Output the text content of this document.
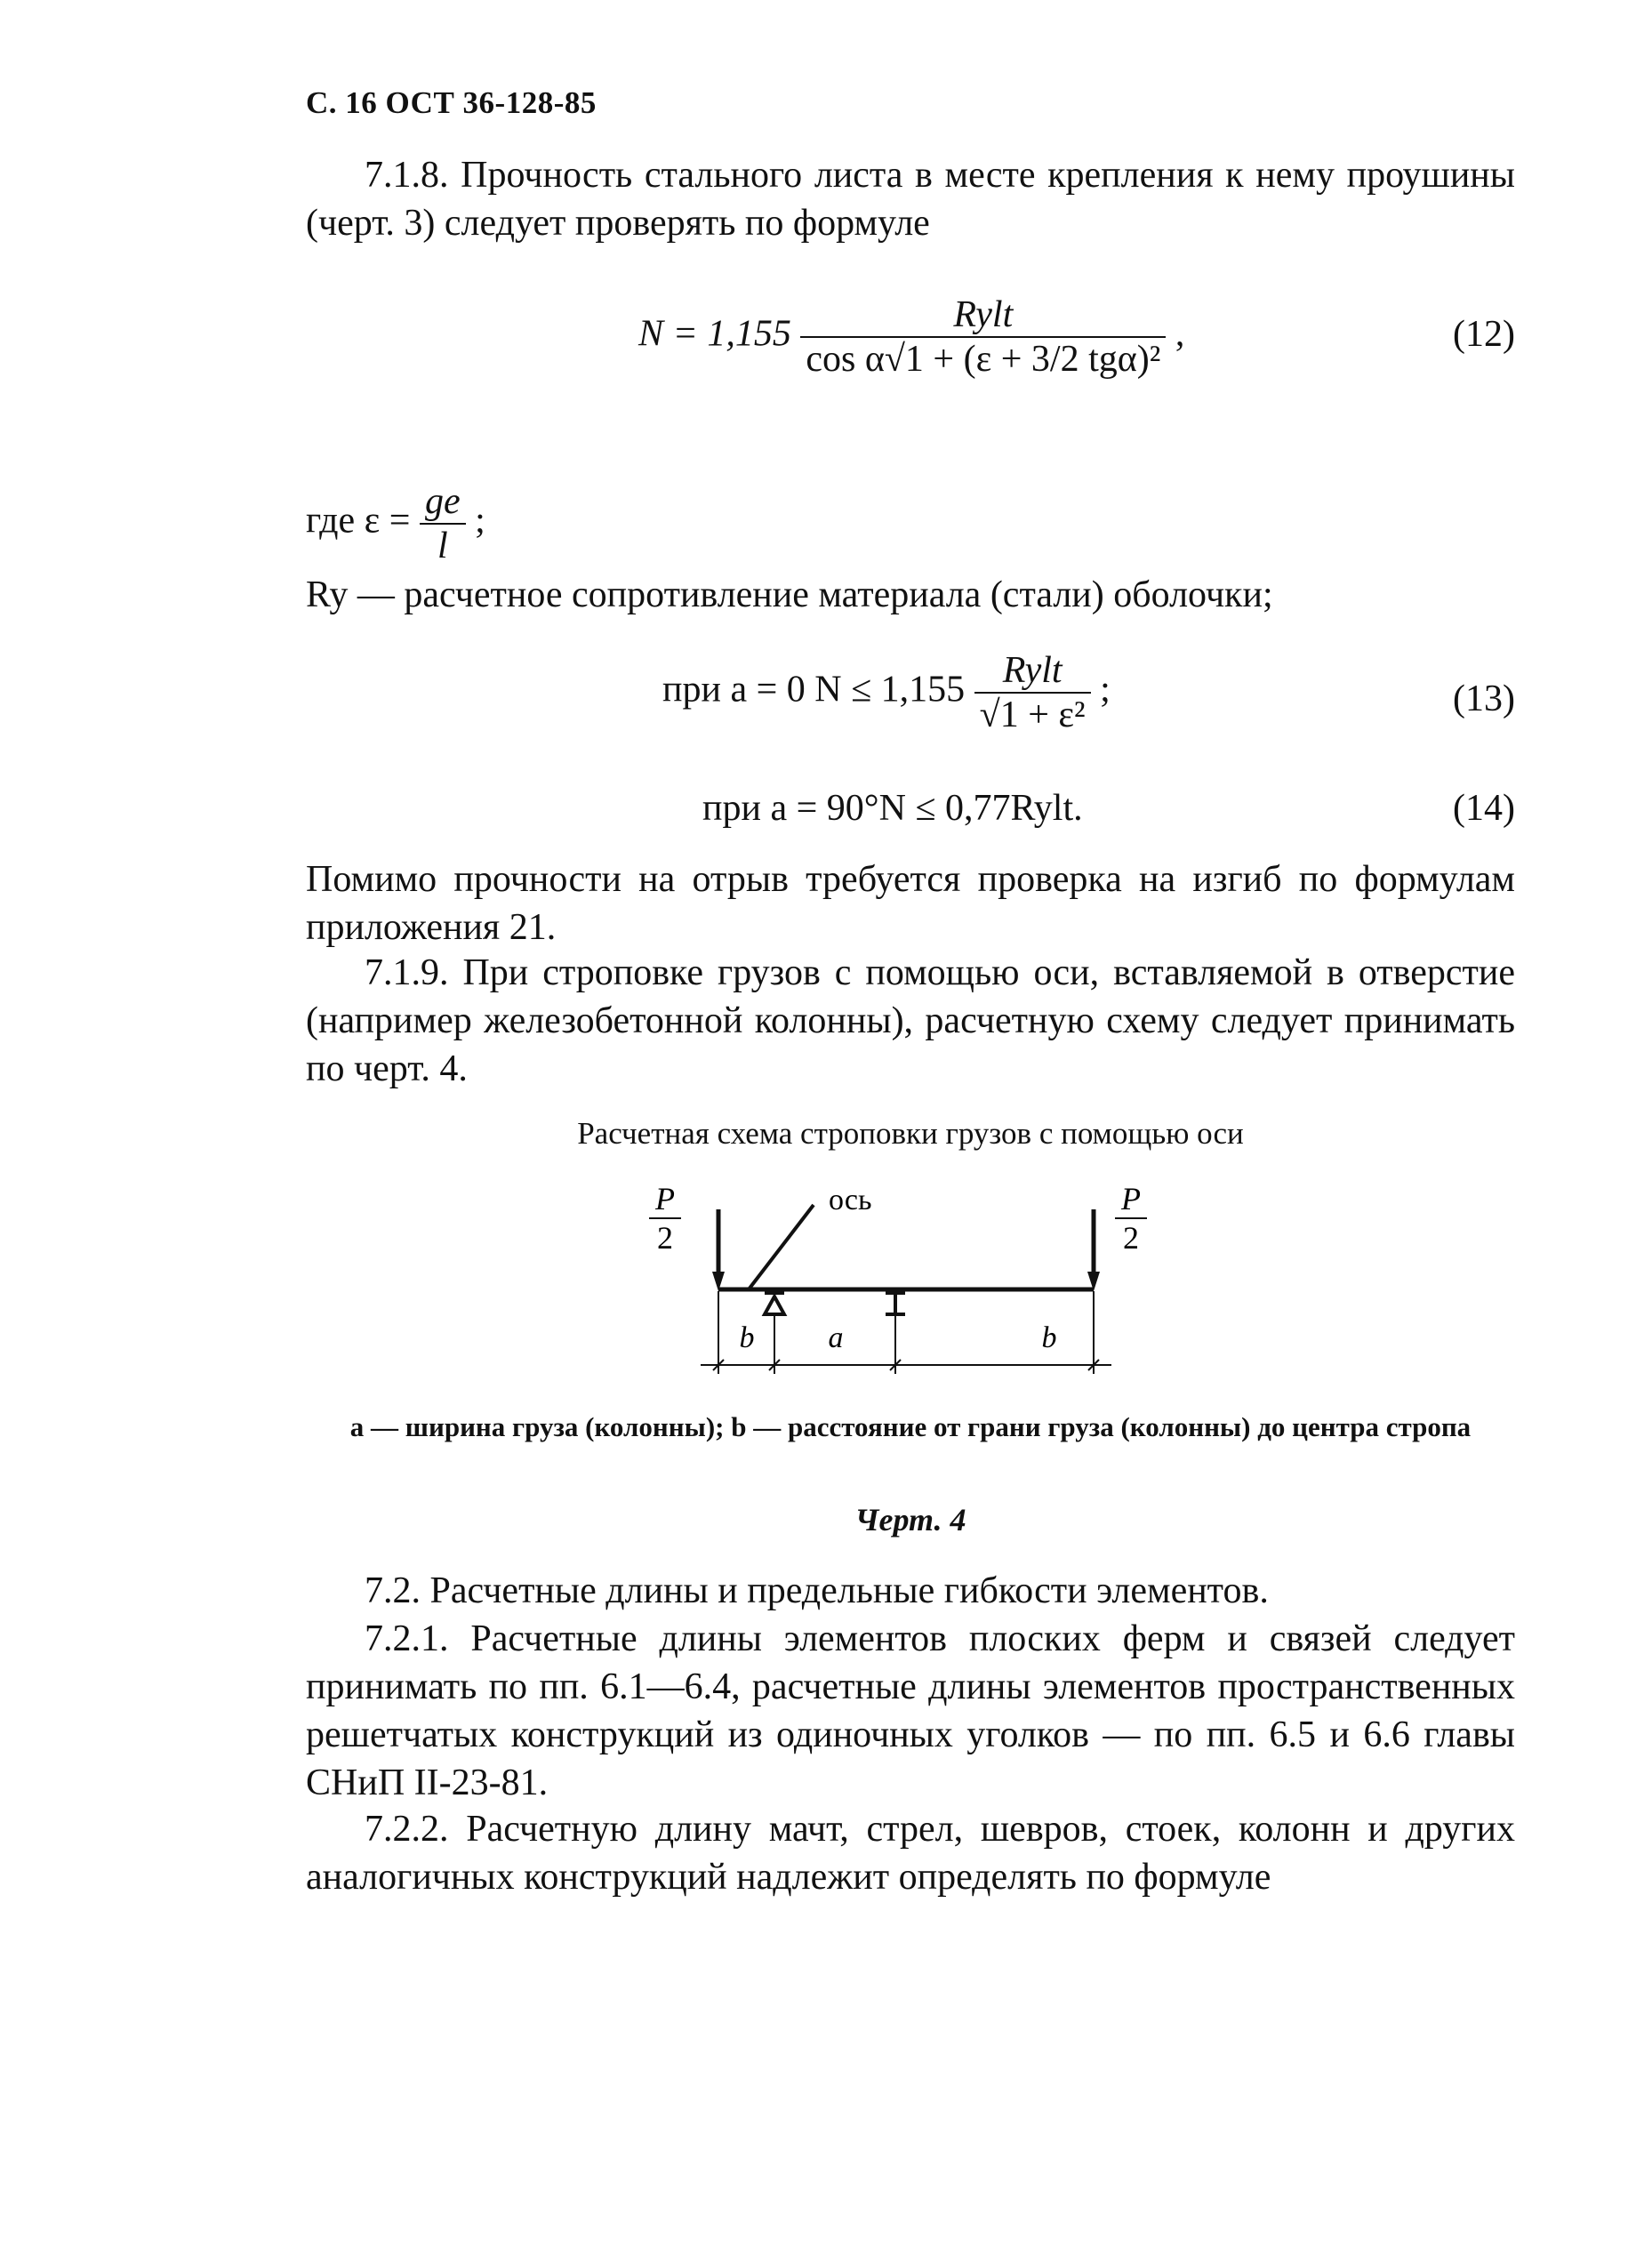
С. 16 ОСТ 36-128-85

7.1.8. Прочность стального листа в месте крепления к нему проушины (черт. 3) следует проверять по формуле

$N = 1,155 \frac{\text{Rylt}}{\text{cos α√1 + (ε + 3/2 tgα)²}}$ ,	(12)
где $\varepsilon = \frac{ge}{l}$ ;
Ry — расчетное сопротивление материала (стали) оболочки;
при a = 0 $N \le 1,155 \frac{\text{Rylt}}{\text{√1 + ε²}}$ ;	(13)
при a = 90°N ≤ 0,77Rylt.	(14)

Помимо прочности на отрыв требуется проверка на изгиб по формулам приложения 21.

7.1.9. При строповке грузов с помощью оси, вставляемой в отверстие (например железобетонной колонны), расчетную схему следует принимать по черт. 4.

Расчетная схема строповки грузов с помощью оси
P
2
P
2
ось
b a	b
a — ширина груза (колонны); b — расстояние от грани груза (колонны) до центра стропа
Черт. 4

7.2. Расчетные длины и предельные гибкости элементов.

7.2.1. Расчетные длины элементов плоских ферм и связей следует принимать по пп. 6.1—6.4, расчетные длины элементов пространственных решетчатых конструкций из одиночных уголков — по пп. 6.5 и 6.6 главы СНиП II-23-81.

7.2.2. Расчетную длину мачт, стрел, шевров, стоек, колонн и других аналогичных конструкций надлежит определять по формуле
